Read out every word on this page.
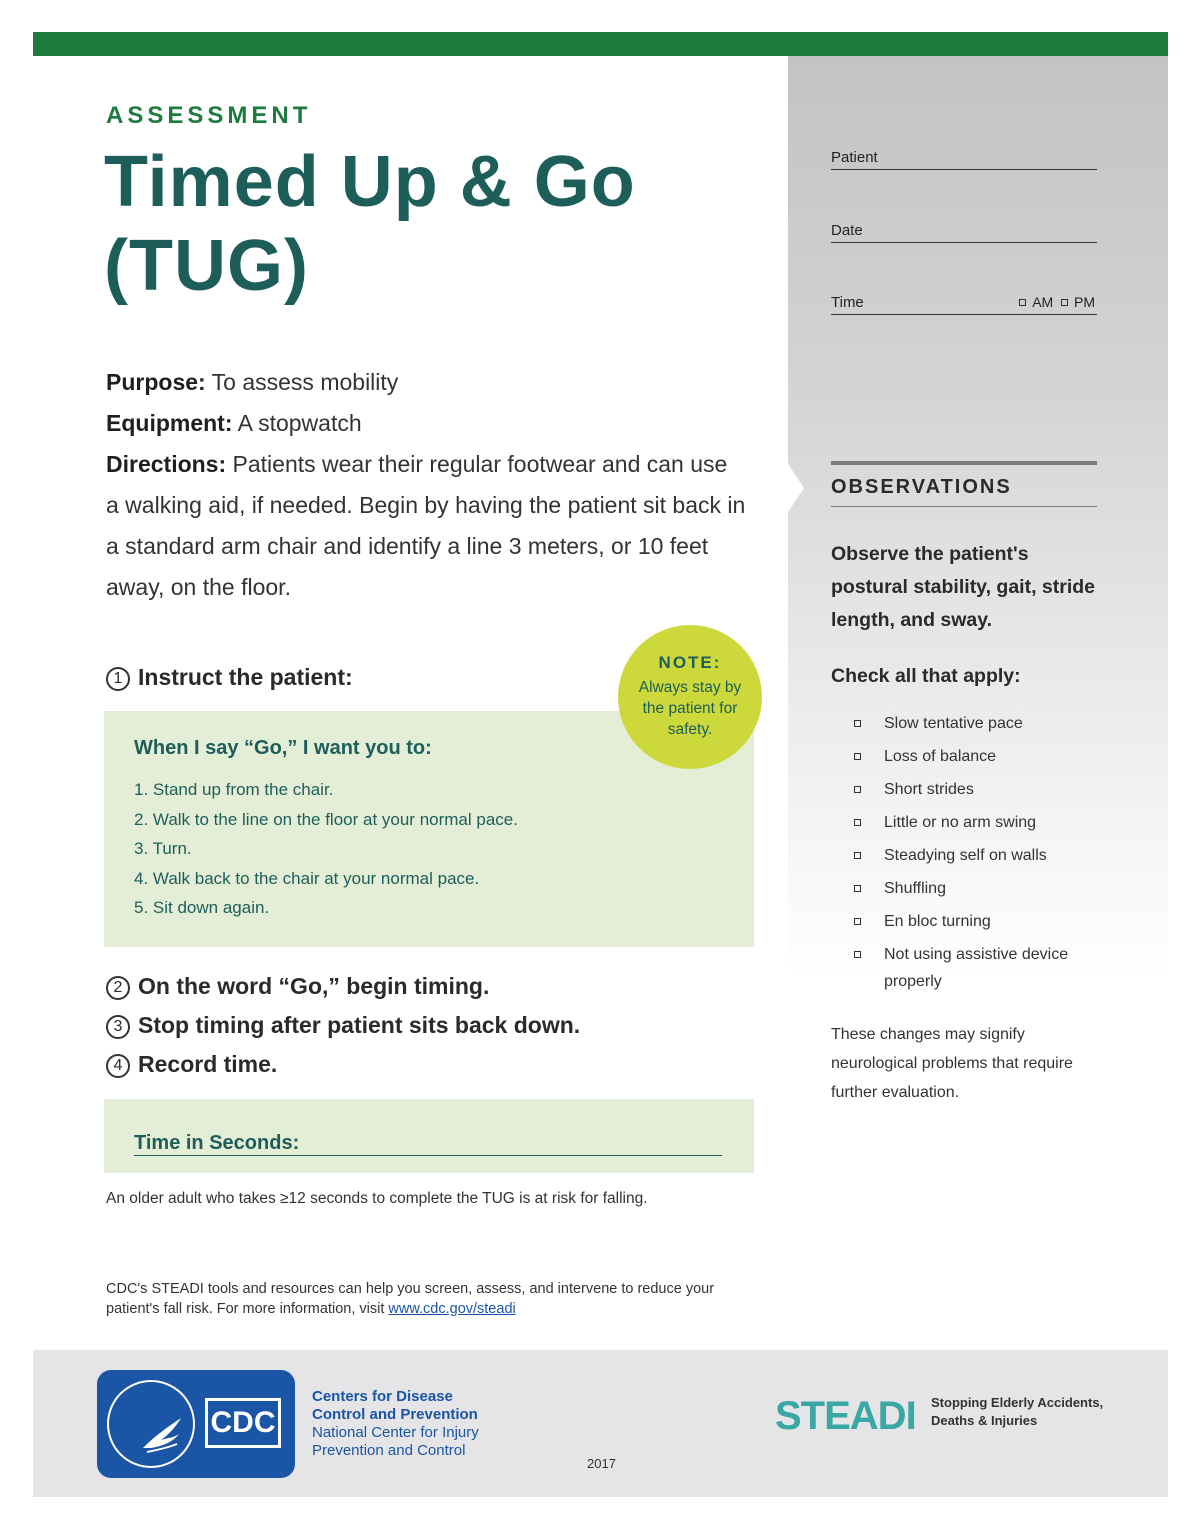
ASSESSMENT
Timed Up & Go (TUG)
Purpose: To assess mobility
Equipment: A stopwatch
Directions: Patients wear their regular footwear and can use a walking aid, if needed. Begin by having the patient sit back in a standard arm chair and identify a line 3 meters, or 10 feet away, on the floor.
1 Instruct the patient:
When I say “Go,” I want you to:
1. Stand up from the chair.
2. Walk to the line on the floor at your normal pace.
3. Turn.
4. Walk back to the chair at your normal pace.
5. Sit down again.
NOTE:
Always stay by the patient for safety.
2 On the word “Go,” begin timing.
3 Stop timing after patient sits back down.
4 Record time.
Time in Seconds:
An older adult who takes ≥12 seconds to complete the TUG is at risk for falling.
CDC's STEADI tools and resources can help you screen, assess, and intervene to reduce your patient's fall risk. For more information, visit www.cdc.gov/steadi
Patient
Date
Time	AM PM
OBSERVATIONS
Observe the patient's postural stability, gait, stride length, and sway.
Check all that apply:
Slow tentative pace
Loss of balance
Short strides
Little or no arm swing
Steadying self on walls
Shuffling
En bloc turning
Not using assistive device properly
These changes may signify neurological problems that require further evaluation.
CDC
Centers for Disease
Control and Prevention
National Center for Injury
Prevention and Control
2017
STEADI Stopping Elderly Accidents,
Deaths & Injuries
